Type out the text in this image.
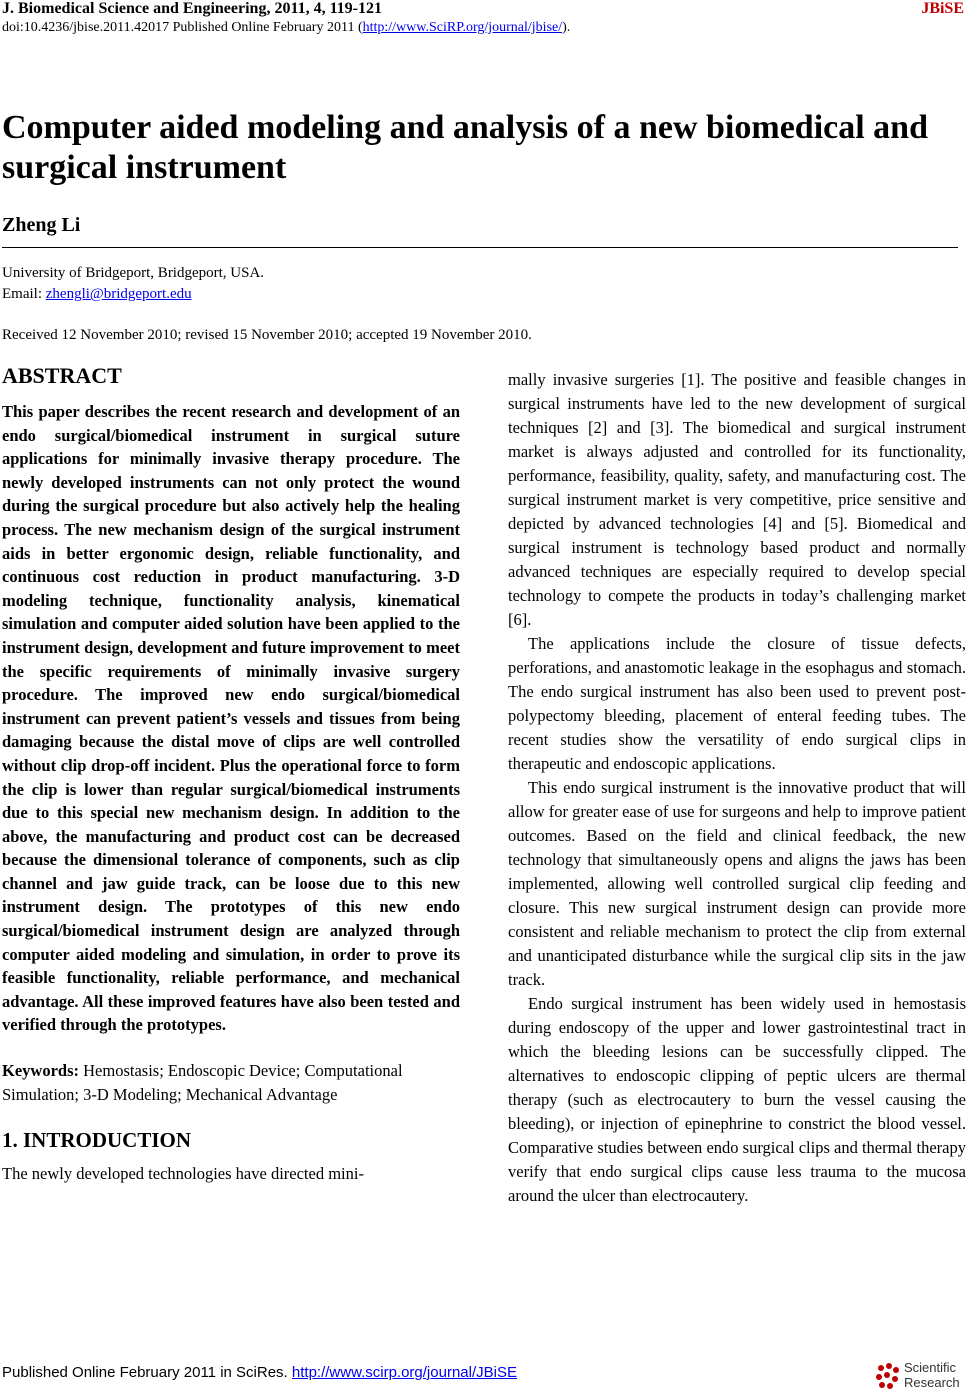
J. Biomedical Science and Engineering, 2011, 4, 119-121	JBiSE
doi:10.4236/jbise.2011.42017 Published Online February 2011 (http://www.SciRP.org/journal/jbise/).
Computer aided modeling and analysis of a new biomedical and surgical instrument
Zheng Li
University of Bridgeport, Bridgeport, USA.
Email: zhengli@bridgeport.edu
Received 12 November 2010; revised 15 November 2010; accepted 19 November 2010.
ABSTRACT

This paper describes the recent research and development of an endo surgical/biomedical instrument in surgical suture applications for minimally invasive therapy procedure. The newly developed instruments can not only protect the wound during the surgical procedure but also actively help the healing process. The new mechanism design of the surgical instrument aids in better ergonomic design, reliable functionality, and continuous cost reduction in product manufacturing. 3-D modeling technique, functionality analysis, kinematical simulation and computer aided solution have been applied to the instrument design, development and future improvement to meet the specific requirements of minimally invasive surgery procedure. The improved new endo surgical/biomedical instrument can prevent patient’s vessels and tissues from being damaging because the distal move of clips are well controlled without clip drop-off incident. Plus the operational force to form the clip is lower than regular surgical/biomedical instruments due to this special new mechanism design. In addition to the above, the manufacturing and product cost can be decreased because the dimensional tolerance of components, such as clip channel and jaw guide track, can be loose due to this new instrument design. The prototypes of this new endo surgical/biomedical instrument design are analyzed through computer aided modeling and simulation, in order to prove its feasible functionality, reliable performance, and mechanical advantage. All these improved features have also been tested and verified through the prototypes.

Keywords: Hemostasis; Endoscopic Device; Computational Simulation; 3-D Modeling; Mechanical Advantage

1. INTRODUCTION

The newly developed technologies have directed mini-

mally invasive surgeries [1]. The positive and feasible changes in surgical instruments have led to the new development of surgical techniques [2] and [3]. The biomedical and surgical instrument market is always adjusted and controlled for its functionality, performance, feasibility, quality, safety, and manufacturing cost. The surgical instrument market is very competitive, price sensitive and depicted by advanced technologies [4] and [5]. Biomedical and surgical instrument is technology based product and normally advanced techniques are especially required to develop special technology to compete the products in today’s challenging market [6].

The applications include the closure of tissue defects, perforations, and anastomotic leakage in the esophagus and stomach. The endo surgical instrument has also been used to prevent post-polypectomy bleeding, placement of enteral feeding tubes. The recent studies show the versatility of endo surgical clips in therapeutic and endoscopic applications.

This endo surgical instrument is the innovative product that will allow for greater ease of use for surgeons and help to improve patient outcomes. Based on the field and clinical feedback, the new technology that simultaneously opens and aligns the jaws has been implemented, allowing well controlled surgical clip feeding and closure. This new surgical instrument design can provide more consistent and reliable mechanism to protect the clip from external and unanticipated disturbance while the surgical clip sits in the jaw track.

Endo surgical instrument has been widely used in hemostasis during endoscopy of the upper and lower gastrointestinal tract in which the bleeding lesions can be successfully clipped. The alternatives to endoscopic clipping of peptic ulcers are thermal therapy (such as electrocautery to burn the vessel causing the bleeding), or injection of epinephrine to constrict the blood vessel. Comparative studies between endo surgical clips and thermal therapy verify that endo surgical clips cause less trauma to the mucosa around the ulcer than electrocautery.

Published Online February 2011 in SciRes. http://www.scirp.org/journal/JBiSE	Scientific
Research
